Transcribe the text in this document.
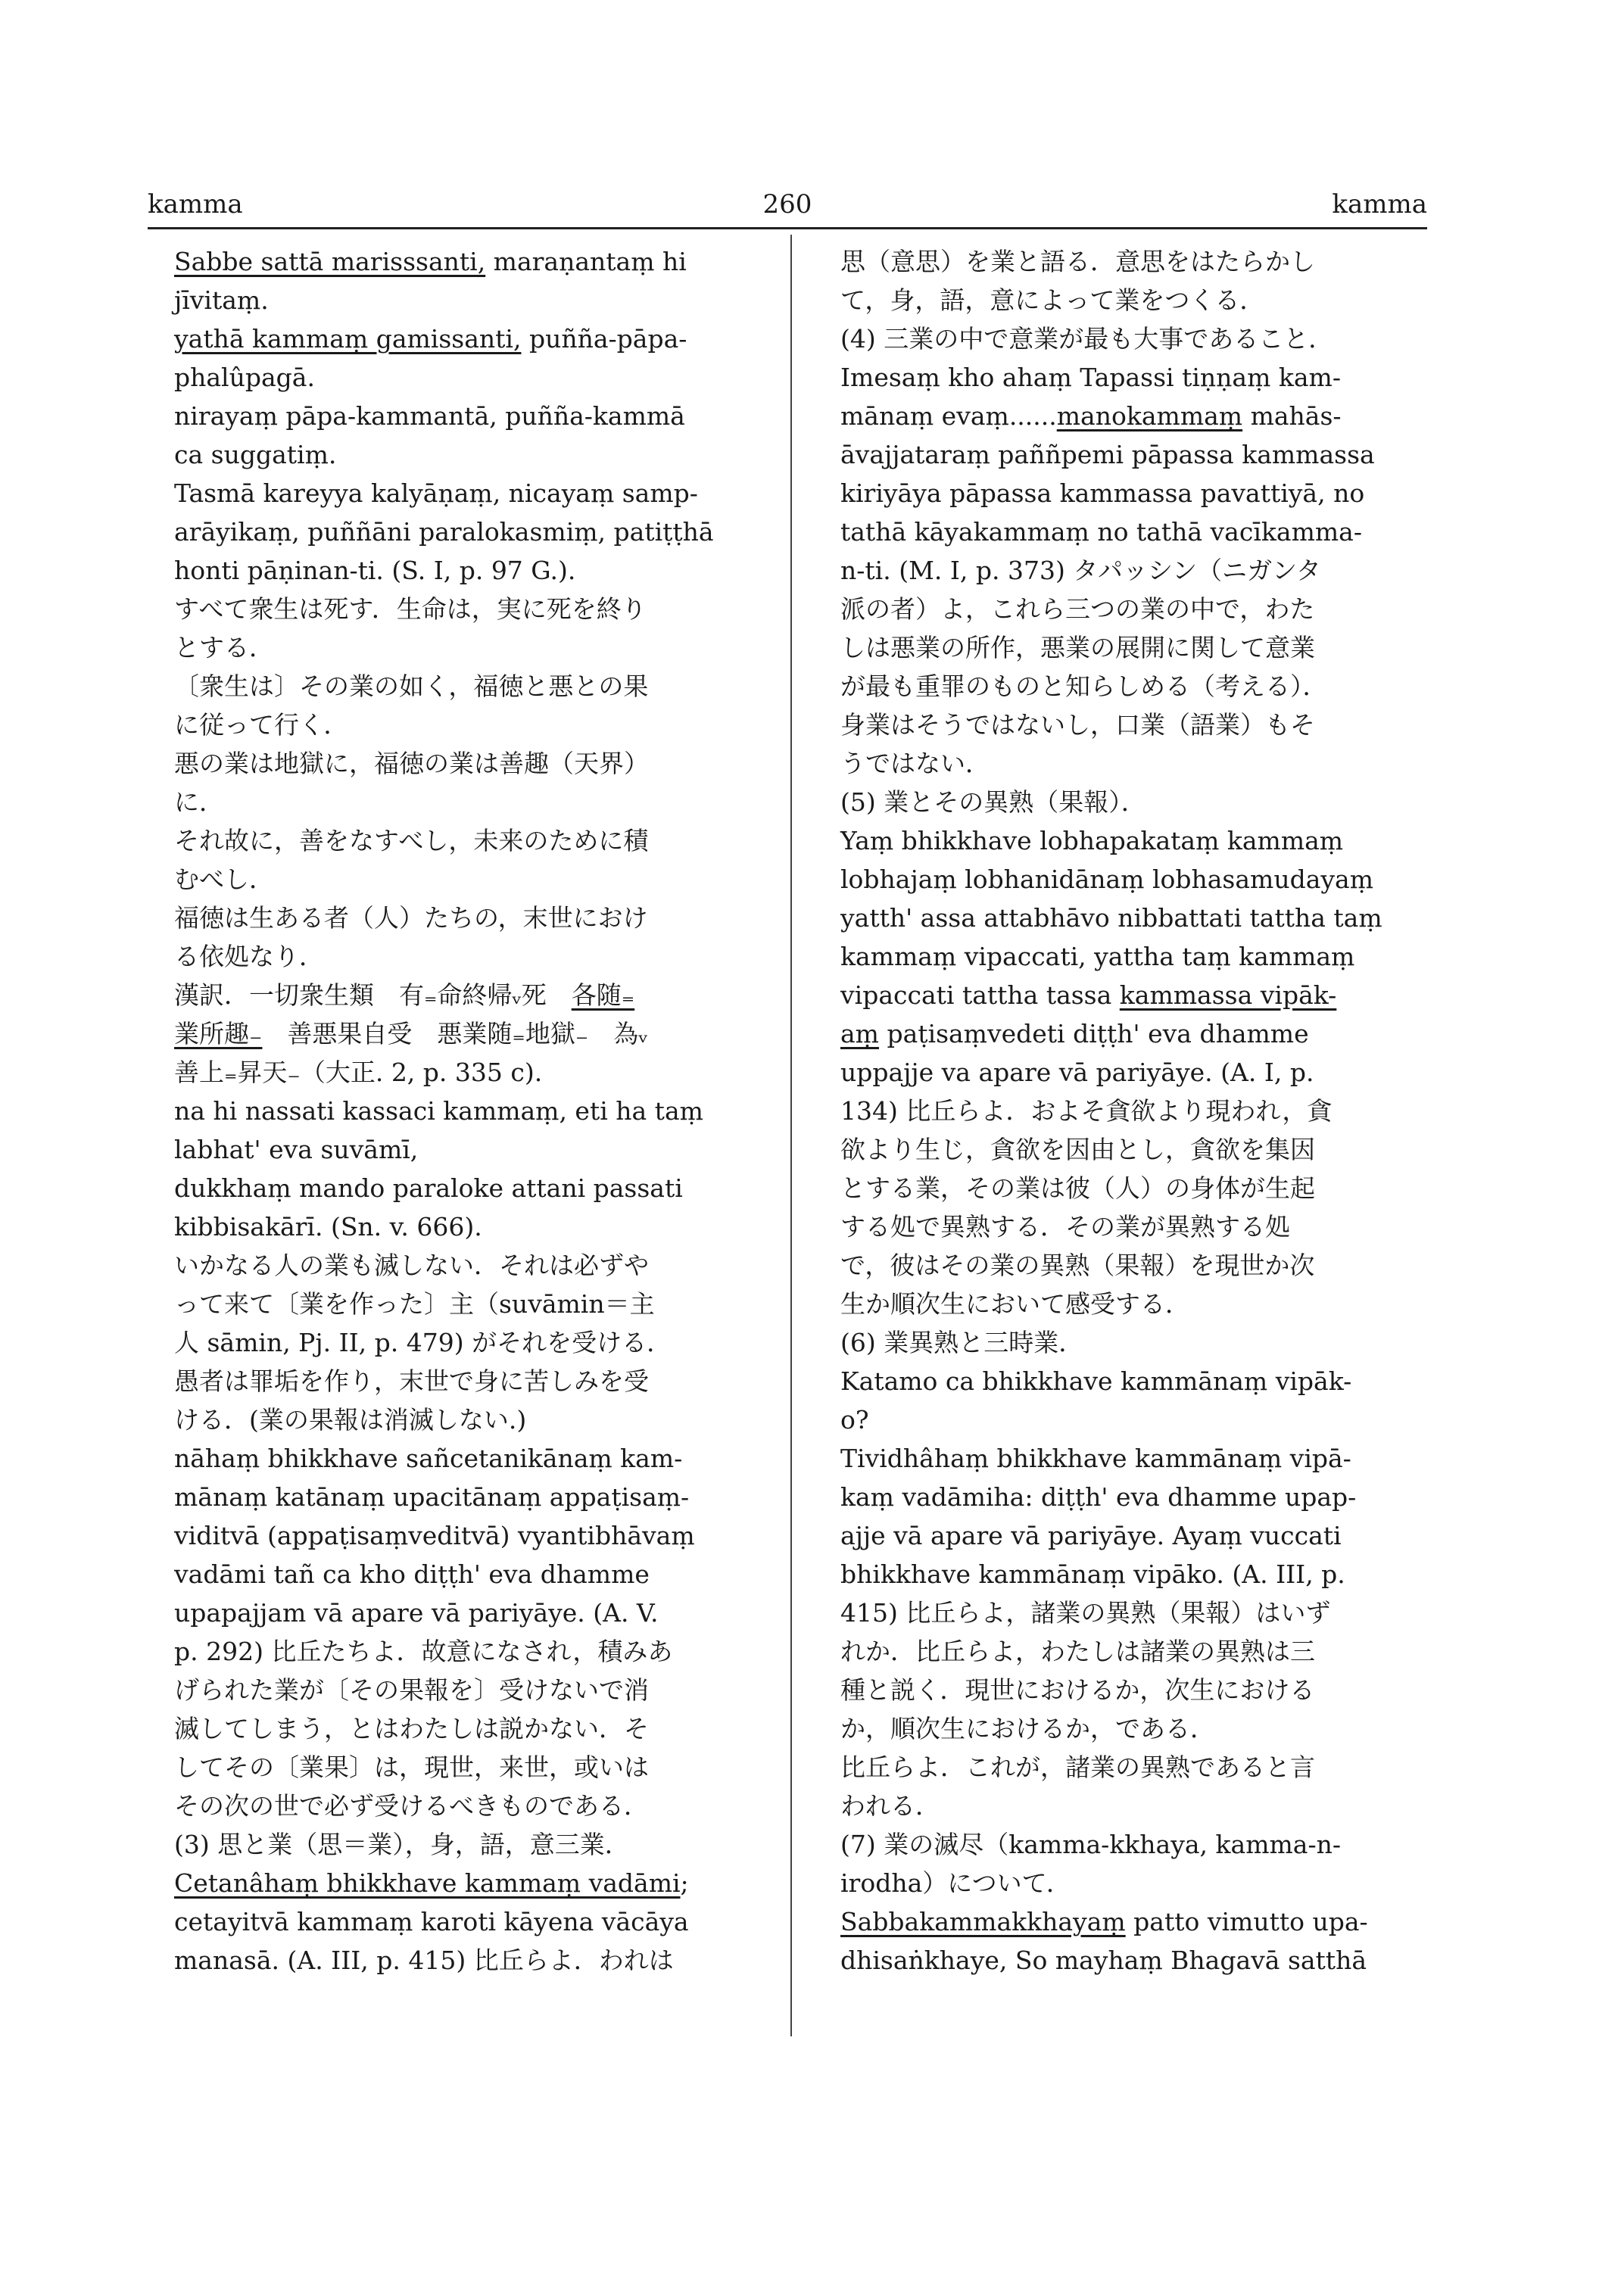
kamma	260	kamma
Sabbe sattā marisssanti, maraṇantaṃ hi
jīvitaṃ.
yathā kammaṃ gamissanti, puñña-pāpa-
phalûpagā.
nirayaṃ pāpa-kammantā, puñña-kammā
ca suggatiṃ.
Tasmā kareyya kalyāṇaṃ, nicayaṃ samp-
arāyikaṃ, puññāni paralokasmiṃ, patiṭṭhā
honti pāṇinan-ti. (S. I, p. 97 G.).
すべて衆生は死す．生命は，実に死を終り
とする．
〔衆生は〕その業の如く，福徳と悪との果
に従って行く．
悪の業は地獄に，福徳の業は善趣（天界）
に．
それ故に，善をなすべし，未来のために積
むべし．
福徳は生ある者（人）たちの，末世におけ
る依処なり．
漢訳．一切衆生類　有₌命終帰ᵥ死　各随₌
業所趣₋　善悪果自受　悪業随₌地獄₋　為ᵥ
善上₌昇天₋（大正. 2, p. 335 c).
na hi nassati kassaci kammaṃ, eti ha taṃ
labhat' eva suvāmī,
dukkhaṃ mando paraloke attani passati
kibbisakārī. (Sn. v. 666).
いかなる人の業も滅しない．それは必ずや
って来て〔業を作った〕主（suvāmin＝主
人 sāmin, Pj. II, p. 479) がそれを受ける．
愚者は罪垢を作り，末世で身に苦しみを受
ける．(業の果報は消滅しない.)
nāhaṃ bhikkhave sañcetanikānaṃ kam-
mānaṃ katānaṃ upacitānaṃ appaṭisaṃ-
viditvā (appaṭisaṃveditvā) vyantibhāvaṃ
vadāmi tañ ca kho diṭṭh' eva dhamme
upapajjam vā apare vā pariyāye. (A. V.
p. 292) 比丘たちよ．故意になされ，積みあ
げられた業が〔その果報を〕受けないで消
滅してしまう，とはわたしは説かない．そ
してその〔業果〕は，現世，来世，或いは
その次の世で必ず受けるべきものである．
(3) 思と業（思＝業），身，語，意三業．
Cetanâhaṃ bhikkhave kammaṃ vadāmi;
cetayitvā kammaṃ karoti kāyena vācāya
manasā. (A. III, p. 415) 比丘らよ．われは
思（意思）を業と語る．意思をはたらかし
て，身，語，意によって業をつくる．
(4) 三業の中で意業が最も大事であること．
Imesaṃ kho ahaṃ Tapassi tiṇṇaṃ kam-
mānaṃ evaṃ......manokammaṃ mahās-
āvajjataraṃ paññpemi pāpassa kammassa
kiriyāya pāpassa kammassa pavattiyā, no
tathā kāyakammaṃ no tathā vacīkamma-
n-ti. (M. I, p. 373) タパッシン（ニガンタ
派の者）よ，これら三つの業の中で，わた
しは悪業の所作，悪業の展開に関して意業
が最も重罪のものと知らしめる（考える）．
身業はそうではないし，口業（語業）もそ
うではない．
(5) 業とその異熟（果報）．
Yaṃ bhikkhave lobhapakataṃ kammaṃ
lobhajaṃ lobhanidānaṃ lobhasamudayaṃ
yatth' assa attabhāvo nibbattati tattha taṃ
kammaṃ vipaccati, yattha taṃ kammaṃ
vipaccati tattha tassa kammassa vipāk-
aṃ paṭisaṃvedeti diṭṭh' eva dhamme
uppajje va apare vā pariyāye. (A. I, p.
134) 比丘らよ．およそ貪欲より現われ，貪
欲より生じ，貪欲を因由とし，貪欲を集因
とする業，その業は彼（人）の身体が生起
する処で異熟する．その業が異熟する処
で，彼はその業の異熟（果報）を現世か次
生か順次生において感受する．
(6) 業異熟と三時業．
Katamo ca bhikkhave kammānaṃ vipāk-
o?
Tividhâhaṃ bhikkhave kammānaṃ vipā-
kaṃ vadāmiha: diṭṭh' eva dhamme upap-
ajje vā apare vā pariyāye. Ayaṃ vuccati
bhikkhave kammānaṃ vipāko. (A. III, p.
415) 比丘らよ，諸業の異熟（果報）はいず
れか．比丘らよ，わたしは諸業の異熟は三
種と説く．現世におけるか，次生における
か，順次生におけるか，である．
比丘らよ．これが，諸業の異熟であると言
われる．
(7) 業の滅尽（kamma-kkhaya, kamma-n-
irodha）について．
Sabbakammakkhayaṃ patto vimutto upa-
dhisaṅkhaye, So mayhaṃ Bhagavā satthā
